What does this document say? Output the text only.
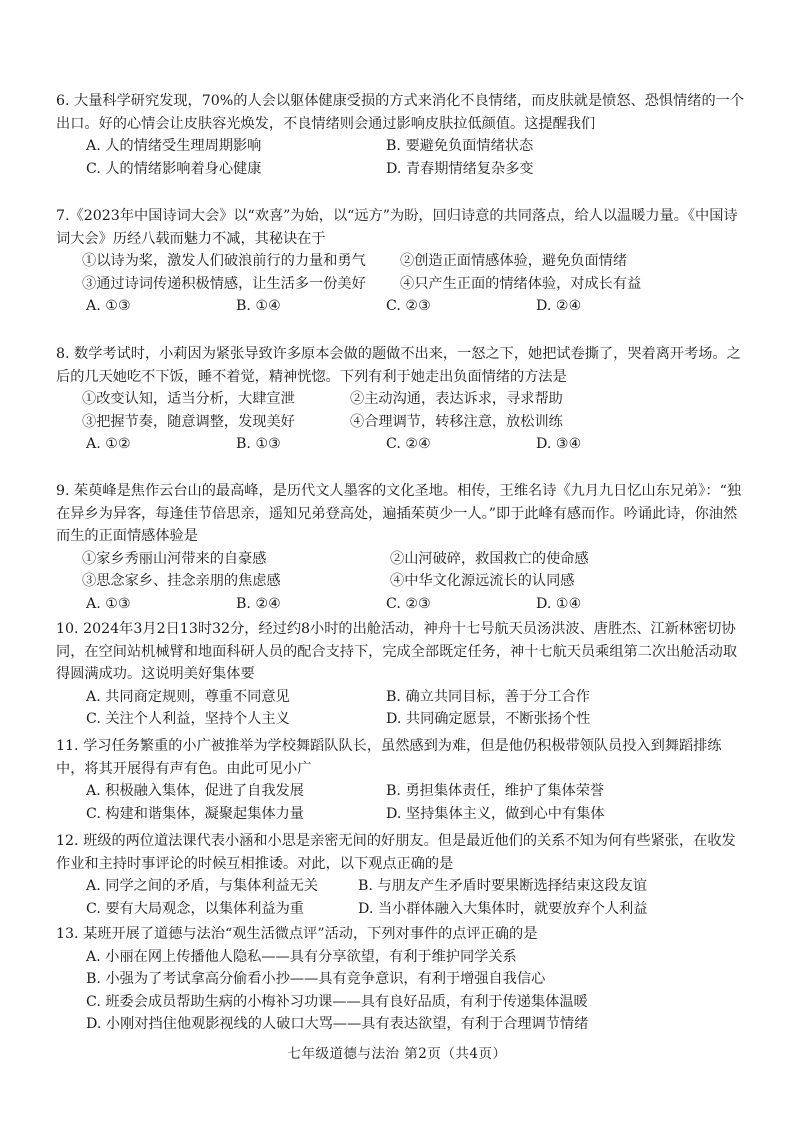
6. 大量科学研究发现，70%的人会以躯体健康受损的方式来消化不良情绪，而皮肤就是愤怒、恐惧情绪的一个出口。好的心情会让皮肤容光焕发，不良情绪则会通过影响皮肤拉低颜值。这提醒我们
A. 人的情绪受生理周期影响	B. 要避免负面情绪状态
C. 人的情绪影响着身心健康	D. 青春期情绪复杂多变
7.《2023年中国诗词大会》以“欢喜”为始，以“远方”为盼，回归诗意的共同落点，给人以温暖力量。《中国诗词大会》历经八载而魅力不减，其秘诀在于
①以诗为桨，激发人们破浪前行的力量和勇气	②创造正面情感体验，避免负面情绪
③通过诗词传递积极情感，让生活多一份美好	④只产生正面的情绪体验，对成长有益
A. ①③	B. ①④	C. ②③	D. ②④
8. 数学考试时，小莉因为紧张导致许多原本会做的题做不出来，一怒之下，她把试卷撕了，哭着离开考场。之后的几天她吃不下饭，睡不着觉，精神恍惚。下列有利于她走出负面情绪的方法是
①改变认知，适当分析，大肆宣泄	②主动沟通，表达诉求，寻求帮助
③把握节奏，随意调整，发现美好	④合理调节，转移注意，放松训练
A. ①②	B. ①③	C. ②④	D. ③④
9. 茱萸峰是焦作云台山的最高峰，是历代文人墨客的文化圣地。相传，王维名诗《九月九日忆山东兄弟》：“独在异乡为异客，每逢佳节倍思亲，遥知兄弟登高处，遍插茱萸少一人。”即于此峰有感而作。吟诵此诗，你油然而生的正面情感体验是
①家乡秀丽山河带来的自豪感	②山河破碎，救国救亡的使命感
③思念家乡、挂念亲朋的焦虑感	④中华文化源远流长的认同感
A. ①③	B. ②④	C. ②③	D. ①④
10. 2024年3月2日13时32分，经过约8小时的出舱活动，神舟十七号航天员汤洪波、唐胜杰、江新林密切协同，在空间站机械臂和地面科研人员的配合支持下，完成全部既定任务，神十七航天员乘组第二次出舱活动取得圆满成功。这说明美好集体要
A. 共同商定规则，尊重不同意见	B. 确立共同目标，善于分工合作
C. 关注个人利益，坚持个人主义	D. 共同确定愿景，不断张扬个性
11. 学习任务繁重的小广被推举为学校舞蹈队队长，虽然感到为难，但是他仍积极带领队员投入到舞蹈排练中，将其开展得有声有色。由此可见小广
A. 积极融入集体，促进了自我发展	B. 勇担集体责任，维护了集体荣誉
C. 构建和谐集体，凝聚起集体力量	D. 坚持集体主义，做到心中有集体
12. 班级的两位道法课代表小涵和小思是亲密无间的好朋友。但是最近他们的关系不知为何有些紧张，在收发作业和主持时事评论的时候互相推诿。对此，以下观点正确的是
A. 同学之间的矛盾，与集体利益无关	B. 与朋友产生矛盾时要果断选择结束这段友谊
C. 要有大局观念，以集体利益为重	D. 当小群体融入大集体时，就要放弃个人利益
13. 某班开展了道德与法治“观生活微点评”活动，下列对事件的点评正确的是
A. 小丽在网上传播他人隐私——具有分享欲望，有利于维护同学关系
B. 小强为了考试拿高分偷看小抄——具有竞争意识，有利于增强自我信心
C. 班委会成员帮助生病的小梅补习功课——具有良好品质，有利于传递集体温暖
D. 小刚对挡住他观影视线的人破口大骂——具有表达欲望，有利于合理调节情绪
七年级道德与法治 第2页（共4页）
